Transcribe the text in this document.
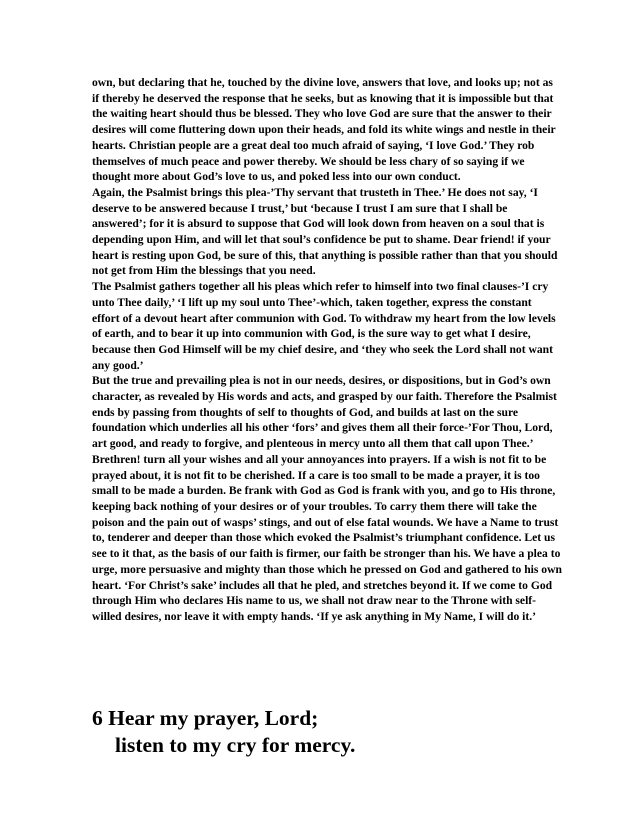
own, but declaring that he, touched by the divine love, answers that love, and looks up; not as if thereby he deserved the response that he seeks, but as knowing that it is impossible but that the waiting heart should thus be blessed. They who love God are sure that the answer to their desires will come fluttering down upon their heads, and fold its white wings and nestle in their hearts. Christian people are a great deal too much afraid of saying, ‘I love God.’ They rob themselves of much peace and power thereby. We should be less chary of so saying if we thought more about God’s love to us, and poked less into our own conduct.

Again, the Psalmist brings this plea-’Thy servant that trusteth in Thee.’ He does not say, ‘I deserve to be answered because I trust,’ but ‘because I trust I am sure that I shall be answered’; for it is absurd to suppose that God will look down from heaven on a soul that is depending upon Him, and will let that soul’s confidence be put to shame. Dear friend! if your heart is resting upon God, be sure of this, that anything is possible rather than that you should not get from Him the blessings that you need.

The Psalmist gathers together all his pleas which refer to himself into two final clauses-’I cry unto Thee daily,’ ‘I lift up my soul unto Thee’-which, taken together, express the constant effort of a devout heart after communion with God. To withdraw my heart from the low levels of earth, and to bear it up into communion with God, is the sure way to get what I desire, because then God Himself will be my chief desire, and ‘they who seek the Lord shall not want any good.’

But the true and prevailing plea is not in our needs, desires, or dispositions, but in God’s own character, as revealed by His words and acts, and grasped by our faith. Therefore the Psalmist ends by passing from thoughts of self to thoughts of God, and builds at last on the sure foundation which underlies all his other ‘fors’ and gives them all their force-’For Thou, Lord, art good, and ready to forgive, and plenteous in mercy unto all them that call upon Thee.’

Brethren! turn all your wishes and all your annoyances into prayers. If a wish is not fit to be prayed about, it is not fit to be cherished. If a care is too small to be made a prayer, it is too small to be made a burden. Be frank with God as God is frank with you, and go to His throne, keeping back nothing of your desires or of your troubles. To carry them there will take the poison and the pain out of wasps’ stings, and out of else fatal wounds. We have a Name to trust to, tenderer and deeper than those which evoked the Psalmist’s triumphant confidence. Let us see to it that, as the basis of our faith is firmer, our faith be stronger than his. We have a plea to urge, more persuasive and mighty than those which he pressed on God and gathered to his own heart. ‘For Christ’s sake’ includes all that he pled, and stretches beyond it. If we come to God through Him who declares His name to us, we shall not draw near to the Throne with self-willed desires, nor leave it with empty hands. ‘If ye ask anything in My Name, I will do it.’

6 Hear my prayer, Lord;
listen to my cry for mercy.
